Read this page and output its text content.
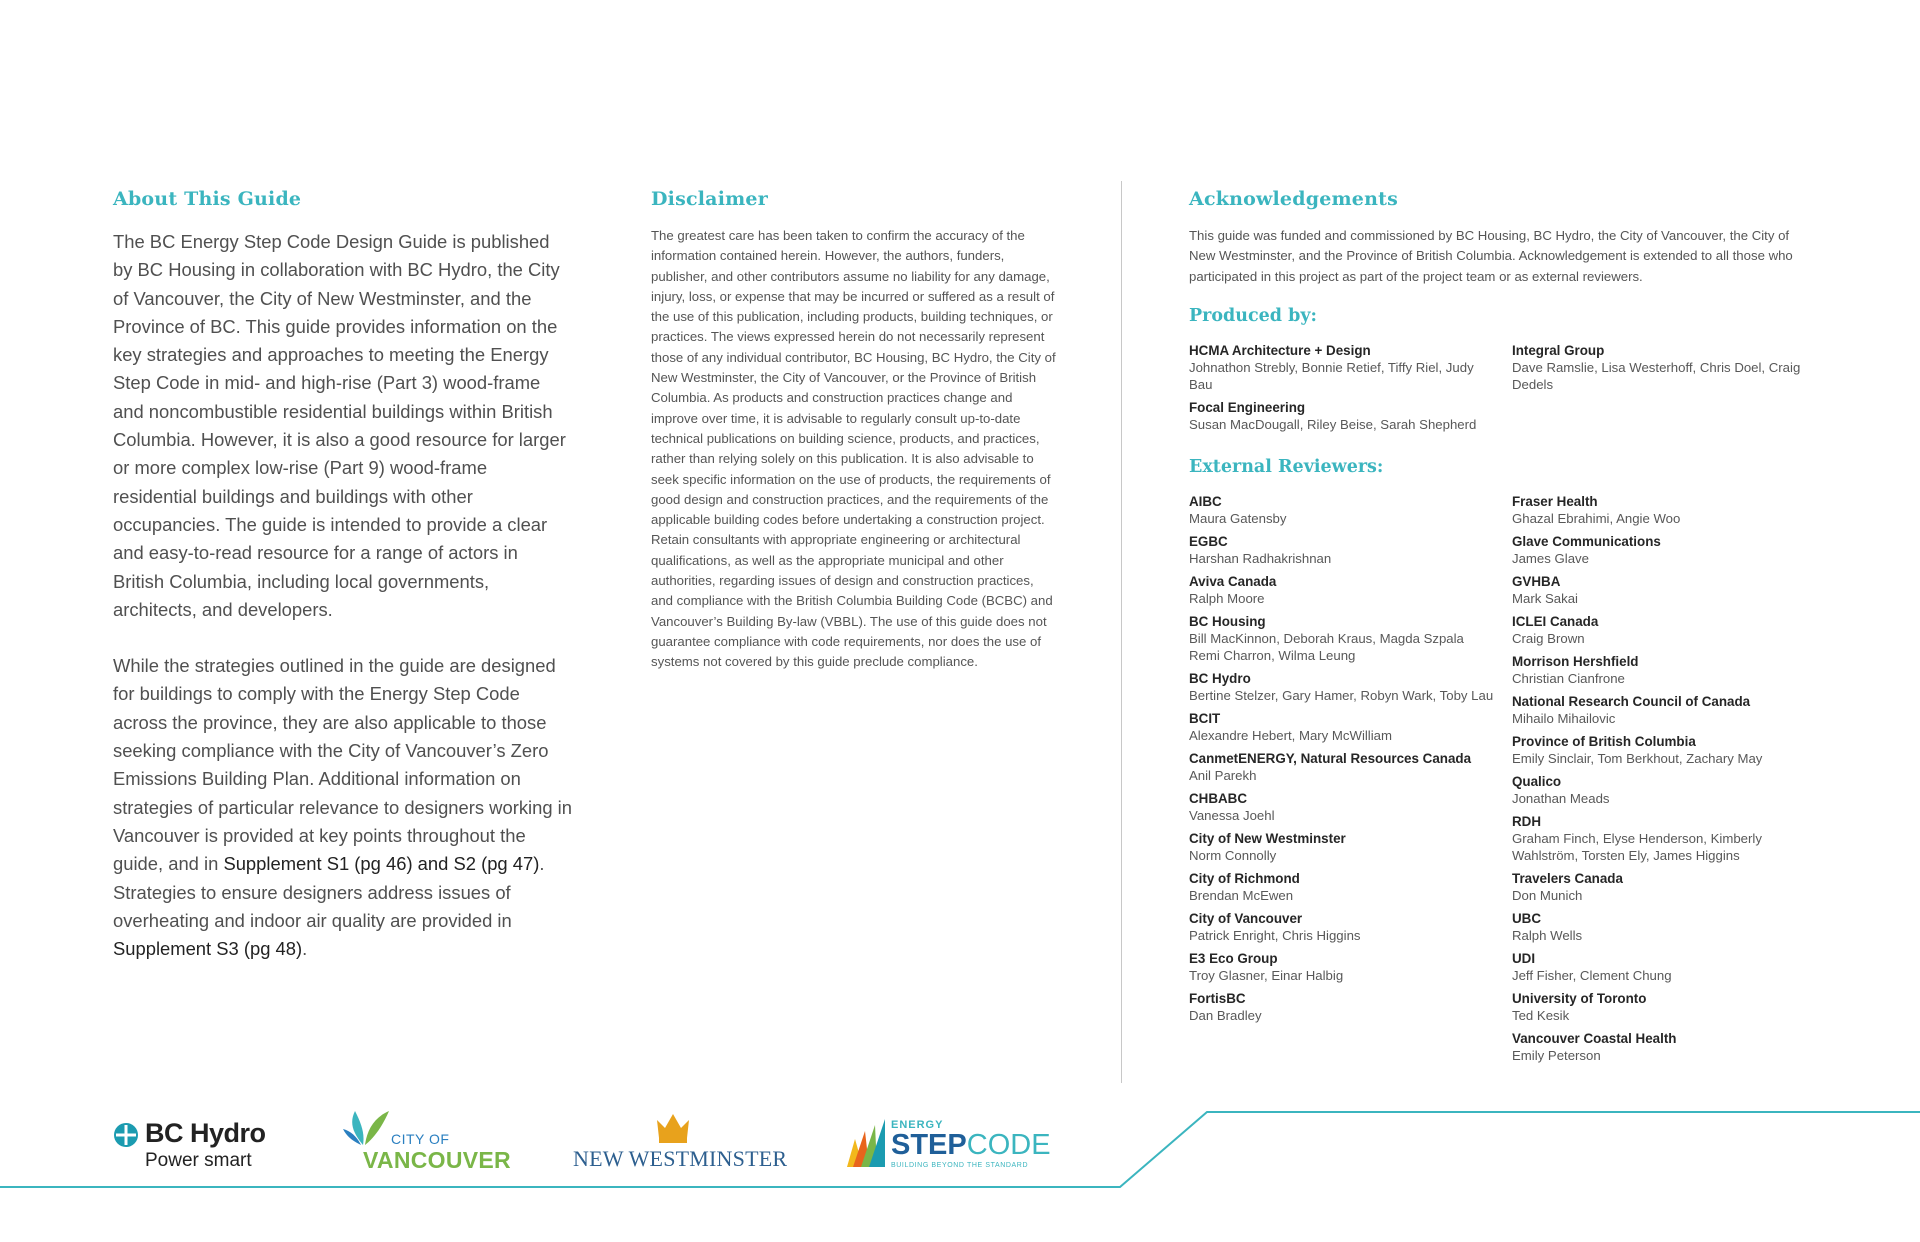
About This Guide

The BC Energy Step Code Design Guide is published by BC Housing in collaboration with BC Hydro, the City of Vancouver, the City of New Westminster, and the Province of BC. This guide provides information on the key strategies and approaches to meeting the Energy Step Code in mid- and high-rise (Part 3) wood-frame and noncombustible residential buildings within British Columbia. However, it is also a good resource for larger or more complex low-rise (Part 9) wood-frame residential buildings and buildings with other occupancies. The guide is intended to provide a clear and easy-to-read resource for a range of actors in British Columbia, including local governments, architects, and developers.

While the strategies outlined in the guide are designed for buildings to comply with the Energy Step Code across the province, they are also applicable to those seeking compliance with the City of Vancouver’s Zero Emissions Building Plan. Additional information on strategies of particular relevance to designers working in Vancouver is provided at key points throughout the guide, and in Supplement S1 (pg 46) and S2 (pg 47). Strategies to ensure designers address issues of overheating and indoor air quality are provided in Supplement S3 (pg 48).

Disclaimer

The greatest care has been taken to confirm the accuracy of the information contained herein. However, the authors, funders, publisher, and other contributors assume no liability for any damage, injury, loss, or expense that may be incurred or suffered as a result of the use of this publication, including products, building techniques, or practices. The views expressed herein do not necessarily represent those of any individual contributor, BC Housing, BC Hydro, the City of New Westminster, the City of Vancouver, or the Province of British Columbia. As products and construction practices change and improve over time, it is advisable to regularly consult up-to-date technical publications on building science, products, and practices, rather than relying solely on this publication. It is also advisable to seek specific information on the use of products, the requirements of good design and construction practices, and the requirements of the applicable building codes before undertaking a construction project. Retain consultants with appropriate engineering or architectural qualifications, as well as the appropriate municipal and other authorities, regarding issues of design and construction practices, and compliance with the British Columbia Building Code (BCBC) and Vancouver’s Building By-law (VBBL). The use of this guide does not guarantee compliance with code requirements, nor does the use of systems not covered by this guide preclude compliance.

Acknowledgements

This guide was funded and commissioned by BC Housing, BC Hydro, the City of Vancouver, the City of New Westminster, and the Province of British Columbia. Acknowledgement is extended to all those who participated in this project as part of the project team or as external reviewers.

Produced by:
HCMA Architecture + Design
Johnathon Strebly, Bonnie Retief, Tiffy Riel, Judy Bau
Focal Engineering
Susan MacDougall, Riley Beise, Sarah Shepherd
Integral Group
Dave Ramslie, Lisa Westerhoff, Chris Doel, Craig Dedels
External Reviewers:
AIBC
Maura Gatensby
EGBC
Harshan Radhakrishnan
Aviva Canada
Ralph Moore
BC Housing
Bill MacKinnon, Deborah Kraus, Magda Szpala Remi Charron, Wilma Leung
BC Hydro
Bertine Stelzer, Gary Hamer, Robyn Wark, Toby Lau
BCIT
Alexandre Hebert, Mary McWilliam
CanmetENERGY, Natural Resources Canada
Anil Parekh
CHBABC
Vanessa Joehl
City of New Westminster
Norm Connolly
City of Richmond
Brendan McEwen
City of Vancouver
Patrick Enright, Chris Higgins
E3 Eco Group
Troy Glasner, Einar Halbig
FortisBC
Dan Bradley
Fraser Health
Ghazal Ebrahimi, Angie Woo
Glave Communications
James Glave
GVHBA
Mark Sakai
ICLEI Canada
Craig Brown
Morrison Hershfield
Christian Cianfrone
National Research Council of Canada
Mihailo Mihailovic
Province of British Columbia
Emily Sinclair, Tom Berkhout, Zachary May
Qualico
Jonathan Meads
RDH
Graham Finch, Elyse Henderson, Kimberly Wahlström, Torsten Ely, James Higgins
Travelers Canada
Don Munich
UBC
Ralph Wells
UDI
Jeff Fisher, Clement Chung
University of Toronto
Ted Kesik
Vancouver Coastal Health
Emily Peterson
BC Hydro
Power smart
CITY OF
VANCOUVER	NEW WESTMINSTER
ENERGY
STEPCODE
BUILDING BEYOND THE STANDARD
